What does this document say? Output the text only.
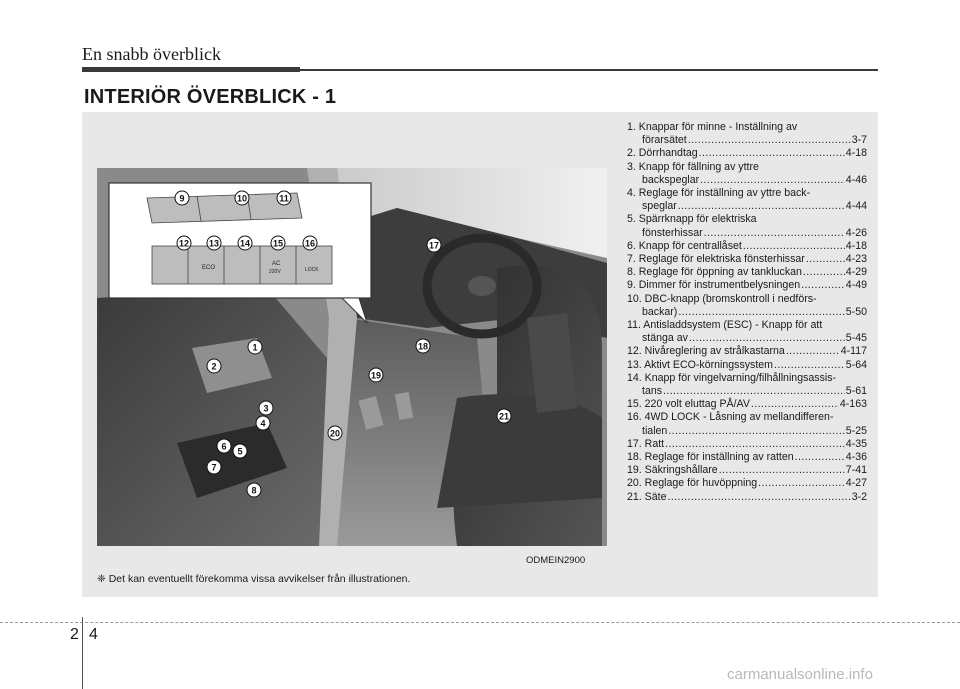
En snabb överblick
INTERIÖR ÖVERBLICK - 1
ECO
AC
220V	LOCK
1
2
3
4
5
6
7
8
9	10	11
12 13 14	15 16	17
18
19
20
21
ODMEIN2900
❈ Det kan eventuellt förekomma vissa avvikelser från illustrationen.
1. Knappar för minne - Inställning av
förarsätet .....	3-7
2. Dörrhandtag .....	4-18
3. Knapp för fällning av yttre
backspeglar .....	4-46
4. Reglage för inställning av yttre back-
speglar .....	4-44
5. Spärrknapp för elektriska
fönsterhissar .....	4-26
6. Knapp för centrallåset .....	4-18
7. Reglage för elektriska fönsterhissar .....	4-23
8. Reglage för öppning av tankluckan .....	4-29
9. Dimmer för instrumentbelysningen .....	4-49
10. DBC-knapp (bromskontroll i nedförs-
backar) .....	5-50
11. Antisladdsystem (ESC) - Knapp för att
stänga av .....	5-45
12. Nivåreglering av strålkastarna .....	4-117
13. Aktivt ECO-körningssystem .....	5-64
14. Knapp för vingelvarning/filhållningsassis-
tans .....	5-61
15. 220 volt eluttag PÅ/AV .....	4-163
16. 4WD LOCK - Låsning av mellandifferen-
tialen .....	5-25
17. Ratt .....	4-35
18. Reglage för inställning av ratten .....	4-36
19. Säkringshållare .....	7-41
20. Reglage för huvöppning .....	4-27
21. Säte .....	3-2
2 4
carmanualsonline.info
